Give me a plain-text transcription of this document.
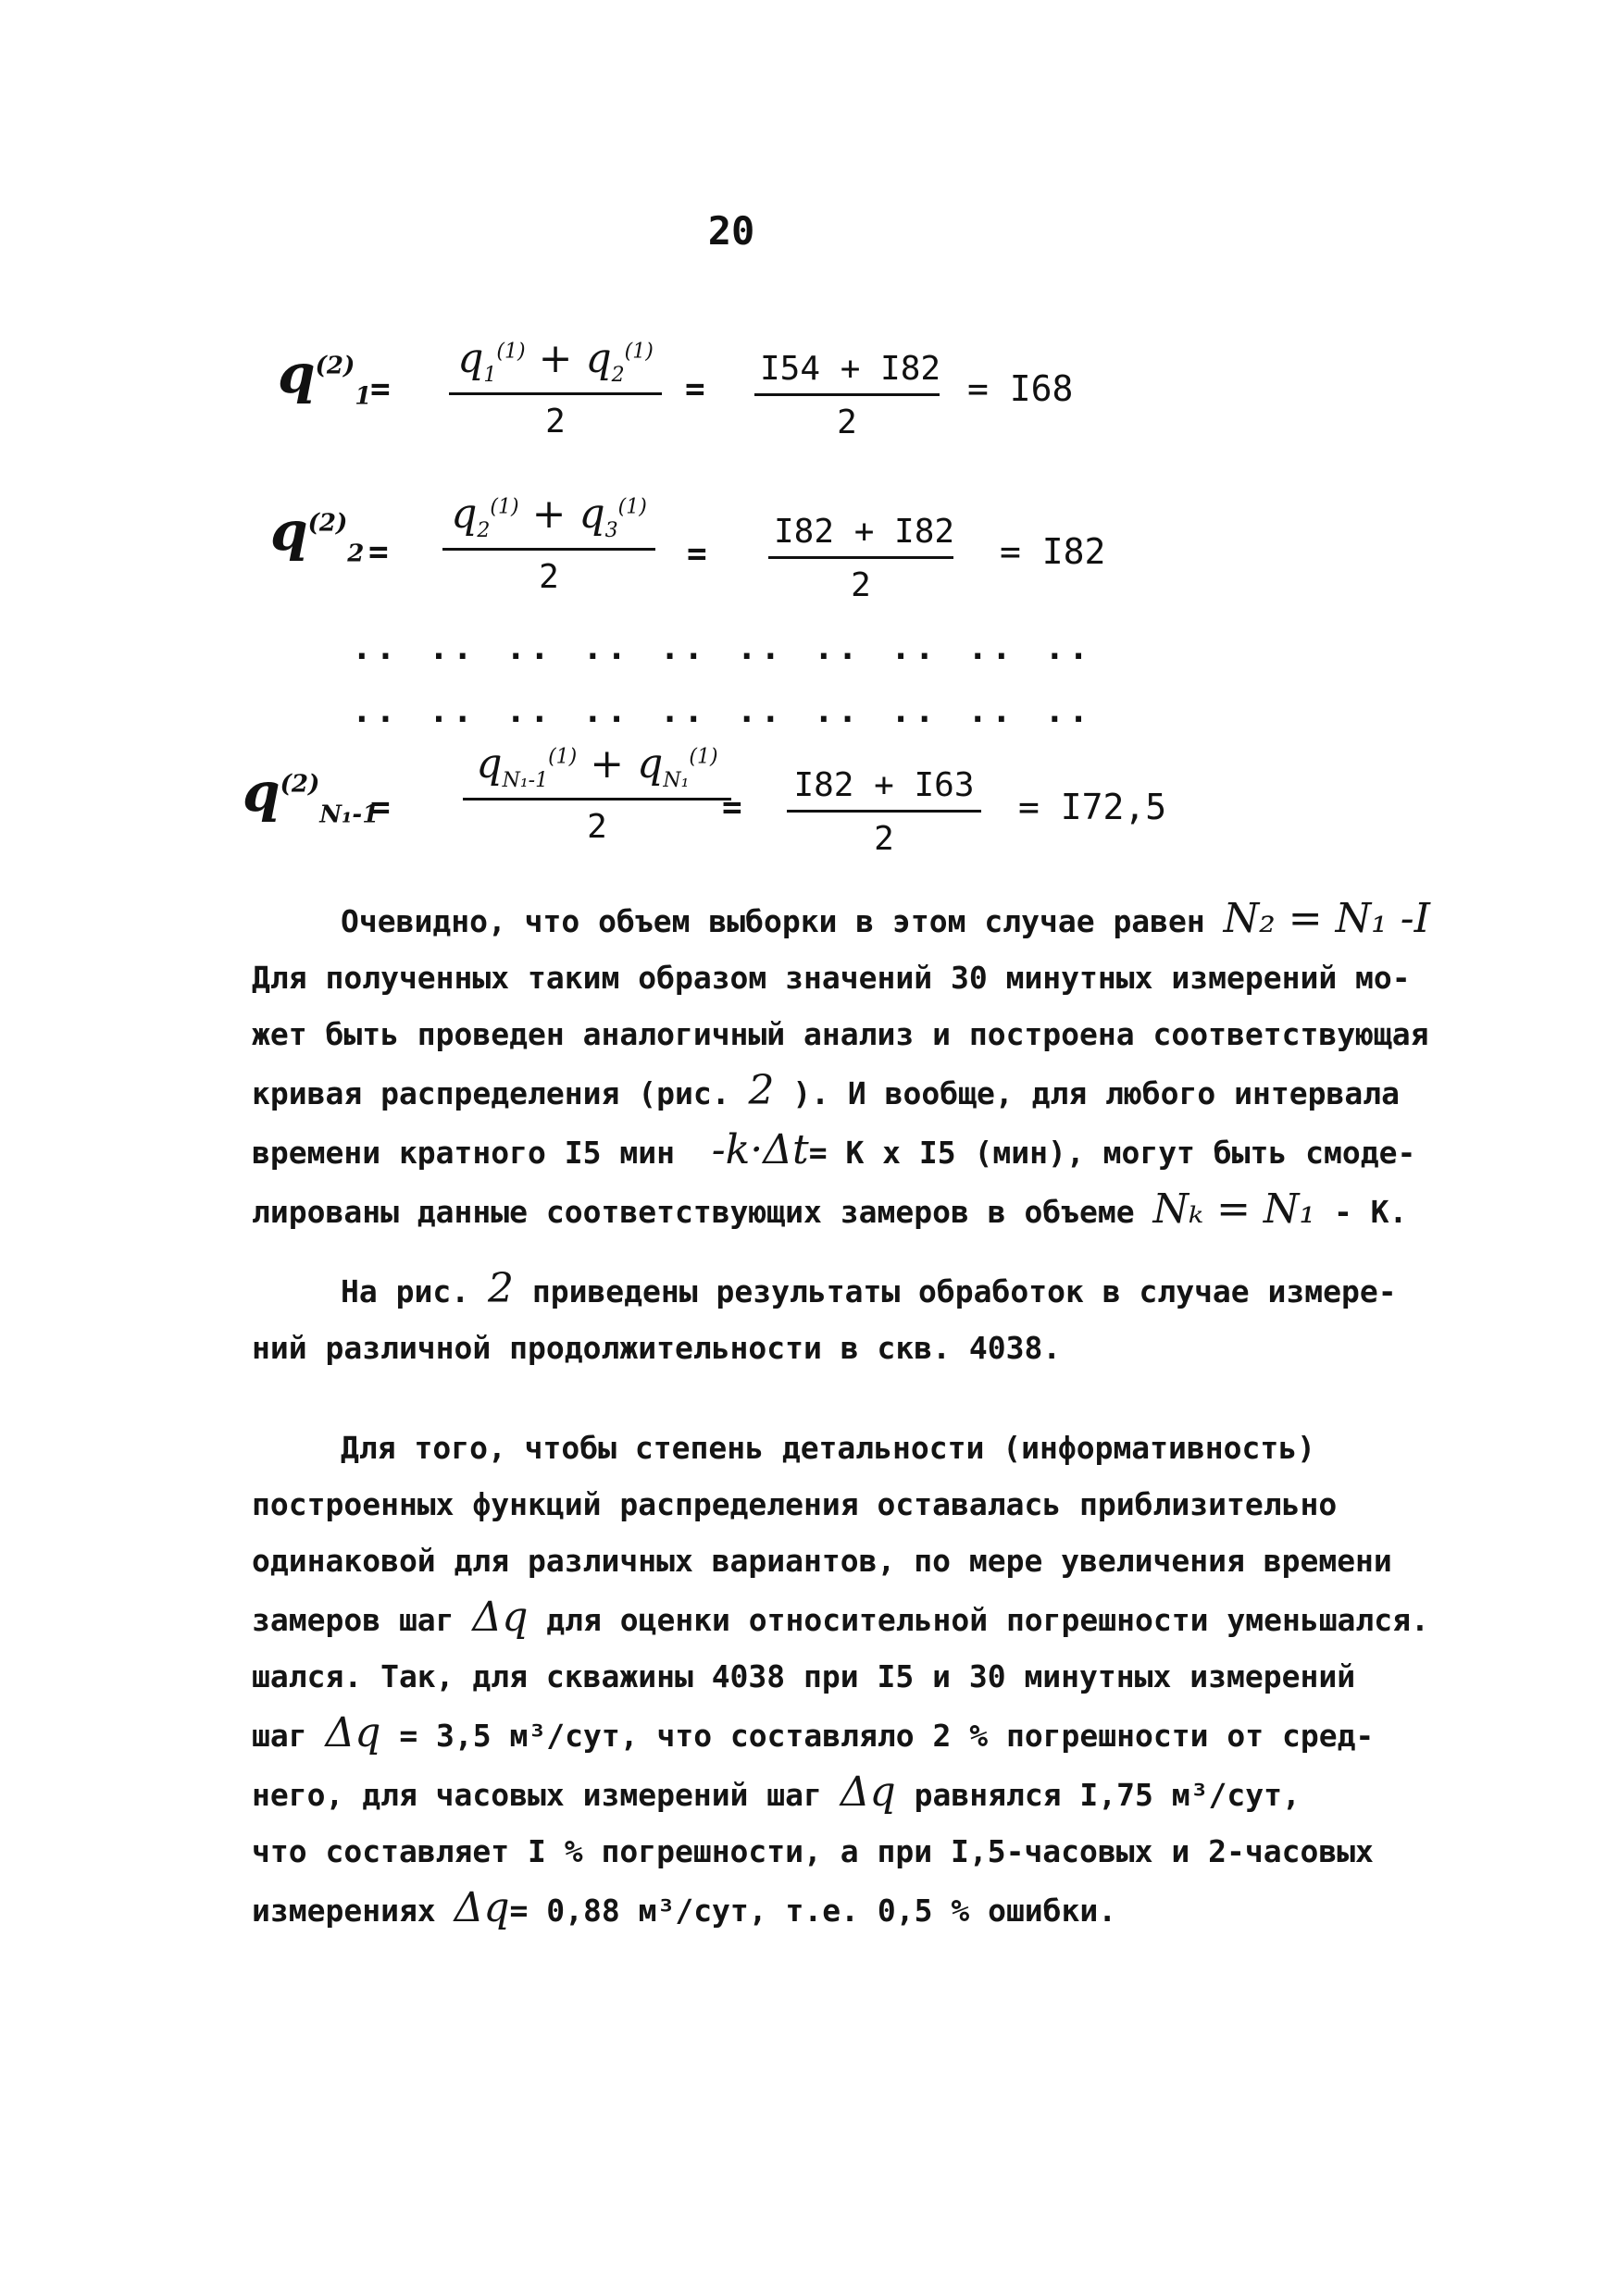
20
$q^{(2)}_1$
=
$q_1^{(1)} + q_2^{(1)}$
2
= $\frac{I54 + I82}{2} = I68$
$q^{(2)}_2$ =
$q_2^{(1)} + q_3^{(1)}$
2
= $\frac{I82 + I82}{2} = I82$
.. .. .. .. .. .. .. .. .. ..
.. .. .. .. .. .. .. .. .. ..
$q^{(2)}_{N_1-1}$
=
$q_{N_1-1}^{(1)} + q_{N_1}^{(1)}$
2
= $\frac{I82 + I63}{2} = I72,5$
Очевидно, что объем выборки в этом случае равен N₂ = N₁ -I
Для полученных таким образом значений 30 минутных измерений мо-
жет быть проведен аналогичный анализ и построена соответствующая
кривая распределения (рис. 2 ). И вообще, для любого интервала
времени кратного I5 мин -k·Δt= K x I5 (мин), могут быть смоде-
лированы данные соответствующих замеров в объеме Nₖ = N₁ - K.
На рис. 2 приведены результаты обработок в случае измере-
ний различной продолжительности в скв. 4038.
Для того, чтобы степень детальности (информативность)
построенных функций распределения оставалась приблизительно
одинаковой для различных вариантов, по мере увеличения времени
замеров шаг Δq для оценки относительной погрешности уменьшался.
шался. Так, для скважины 4038 при I5 и 30 минутных измерений
шаг Δq = 3,5 м³/сут, что составляло 2 % погрешности от сред-
него, для часовых измерений шаг Δq равнялся I,75 м³/сут,
что составляет I % погрешности, а при I,5-часовых и 2-часовых
измерениях Δq= 0,88 м³/сут, т.е. 0,5 % ошибки.
